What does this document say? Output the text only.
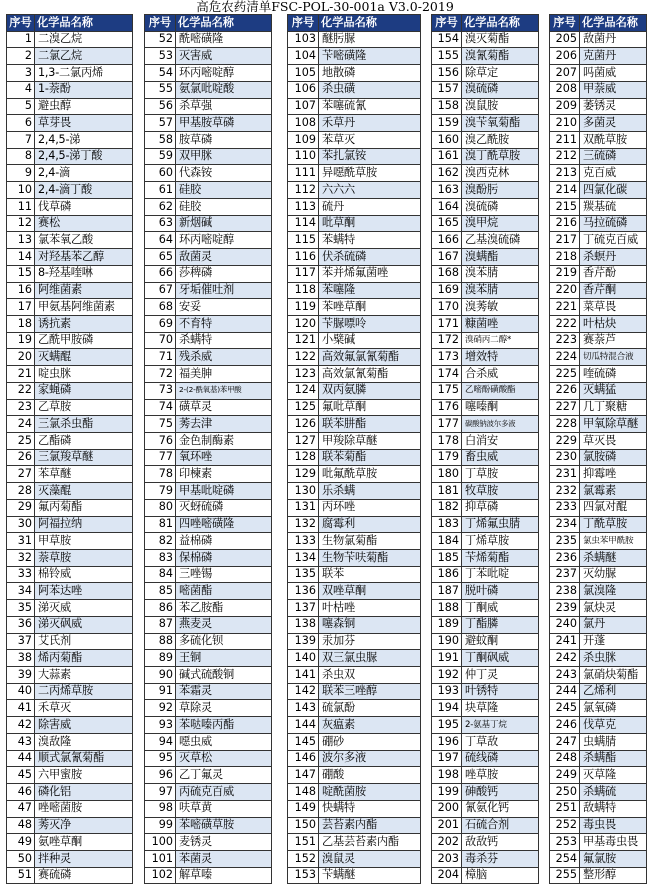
高危农药清单FSC-POL-30-001a V3.0-2019
序号	化学品名称
1	二溴乙烷
2	二氯乙烷
3	1,3-二氯丙烯
4	1-萘酚
5	避虫醇
6	草芽畏
7	2,4,5-涕
8	2,4,5-涕丁酸
9	2,4-滴
10	2,4-滴丁酸
11	伐草磷
12	赛松
13	氯苯氧乙酸
14	对羟基苯乙醇
15	8-羟基喹啉
16	阿维菌素
17	甲氨基阿维菌素
18	诱抗素
19	乙酰甲胺磷
20	灭螨醌
21	啶虫脒
22	家蝇磷
23	乙草胺
24	三氯杀虫酯
25	乙酯磷
26	三氯羧草醚
27	苯草醚
28	灭藻醌
29	氟丙菊酯
30	阿福拉纳
31	甲草胺
32	萘草胺
33	棉铃威
34	阿苯达唑
35	涕灭威
36	涕灭砜威
37	艾氏剂
38	烯丙菊酯
39	大蒜素
40	二丙烯草胺
41	禾草灭
42	除害威
43	溴敌隆
44	顺式氯氰菊酯
45	六甲蜜胺
46	磷化铝
47	唑嘧菌胺
48	莠灭净
49	氨唑草酮
50	拌种灵
51	赛硫磷
序号	化学品名称
52	酰嘧磺隆
53	灭害威
54	环丙嘧啶醇
55	氨氯吡啶酸
56	杀草强
57	甲基胺草磷
58	胺草磷
59	双甲脒
60	代森铵
61	硅胶
62	硅胶
63	新烟碱
64	环丙嘧啶醇
65	敌菌灵
66	莎稗磷
67	牙垢催吐剂
68	安妥
69	不育特
70	杀螨特
71	残杀威
72	福美胂
73	2-(2-酰氧基)苯甲酸
74	磺草灵
75	莠去津
76	金色制酶素
77	氧环唑
78	印楝素
79	甲基吡啶磷
80	灭蚜硫磷
81	四唑嘧磺隆
82	益棉磷
83	保棉磷
84	三唑锡
85	嘧菌酯
86	苯乙胺酯
87	燕麦灵
88	多硫化钡
89	王铜
90	碱式硫酸铜
91	苯霜灵
92	草除灵
93	苯哒嗪丙酯
94	噁虫威
95	灭草松
96	乙丁氟灵
97	丙硫克百威
98	呋草黄
99	苯嘧磺草胺
100	麦锈灵
101	苯菌灵
102	解草嗪
序号	化学品名称
103	醚肟脲
104	苄嘧磺隆
105	地散磷
106	杀虫磺
107	苯噻硫氰
108	禾草丹
109	苯草灭
110	苯扎氯铵
111	异噁酰草胺
112	六六六
113	硫丹
114	吡草酮
115	苯螨特
116	伏杀硫磷
117	苯并烯氟菌唑
118	苯噻隆
119	苯唑草酮
120	苄脲嘌呤
121	小檗碱
122	高效氟氯氰菊酯
123	高效氯氰菊酯
124	双丙氨膦
125	氟吡草酮
126	联苯肼酯
127	甲羧除草醚
128	联苯菊酯
129	吡氟酰草胺
130	乐杀螨
131	丙环唑
132	腐霉利
133	生物氯菊酯
134	生物苄呋菊酯
135	联苯
136	双唑草酮
137	叶枯唑
138	噻森铜
139	汞加芬
140	双三氯虫脲
141	杀虫双
142	联苯三唑醇
143	硫氯酚
144	灰瘟素
145	硼砂
146	波尔多液
147	硼酸
148	啶酰菌胺
149	快螨特
150	芸苔素内酯
151	乙基芸苔素内酯
152	溴鼠灵
153	苄螨醚
序号	化学品名称
154	溴灭菊酯
155	溴氰菊酯
156	除草定
157	溴硫磷
158	溴鼠胺
159	溴苄氧菊酯
160	溴乙酰胺
161	溴丁酰草胺
162	溴西克林
163	溴酚肟
164	溴硫磷
165	溴甲烷
166	乙基溴硫磷
167	溴螨酯
168	溴苯腈
169	溴苯腈
170	溴莠敏
171	糠菌唑
172	溴硝丙二醇*
173	增效特
174	合杀威
175	乙嘧酚磺酸酯
176	噻嗪酮
177	碳酸钠波尔多液
178	白消安
179	畜虫威
180	丁草胺
181	牧草胺
182	抑草磷
183	丁烯氟虫腈
184	丁烯草胺
185	苄烯菊酯
186	丁苯吡啶
187	脱叶磷
188	丁酮威
189	丁酯膦
190	避蚊酮
191	丁酮砜威
192	仲丁灵
193	叶锈特
194	块草隆
195	2-氨基丁烷
196	丁草敌
197	硫线磷
198	唑草胺
199	砷酸钙
200	氰氨化钙
201	石硫合剂
202	敌敌钙
203	毒杀芬
204	樟脑
序号	化学品名称
205	敌菌丹
206	克菌丹
207	吗菌威
208	甲萘威
209	萎锈灵
210	多菌灵
211	双酰草胺
212	三硫磷
213	克百威
214	四氯化碳
215	羰基硫
216	马拉硫磷
217	丁硫克百威
218	杀螟丹
219	香芹酚
220	香芹酮
221	菜草畏
222	叶枯炔
223	赛萘芦
224	切瓜特混合液
225	喹硫磷
226	灭螨猛
227	几丁聚糖
228	甲氧除草醚
229	草灭畏
230	氯胺磷
231	抑霉唑
232	氯霉素
233	四氯对醌
234	丁酰草胺
235	氯虫苯甲酰胺
236	杀螨醚
237	灭幼脲
238	氯溴隆
239	氯炔灵
240	氯丹
241	开蓬
242	杀虫脒
243	氯硝炔菊酯
244	乙烯利
245	氯氧磷
246	伐草克
247	虫螨腈
248	杀螨酯
249	灭草隆
250	杀螨硫
251	敌螨特
252	毒虫畏
253	甲基毒虫畏
254	氟氯胺
255	整形醇
